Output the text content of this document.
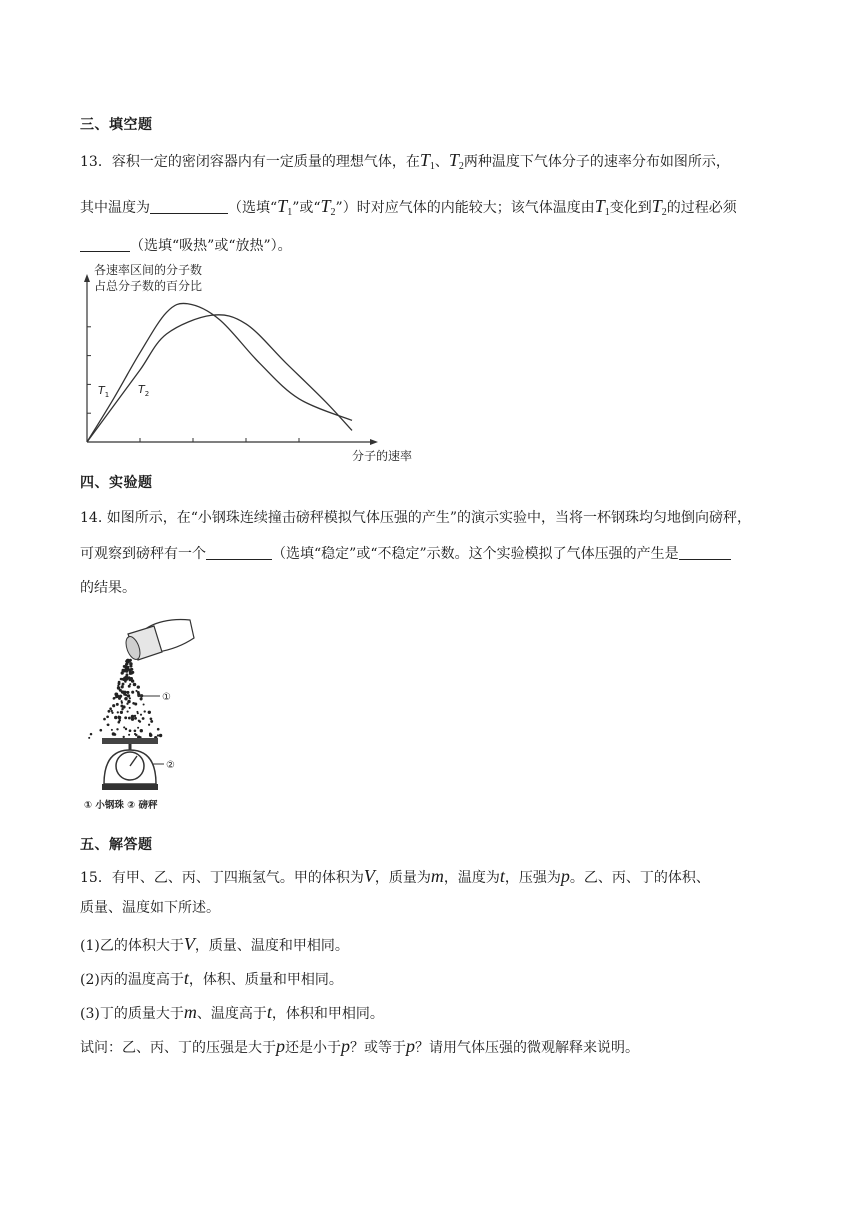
三、填空题
13．容积一定的密闭容器内有一定质量的理想气体，在$T_1$、$T_2$两种温度下气体分子的速率分布如图所示，
其中温度为	（选填“$T_1$”或“$T_2$”）时对应气体的内能较大；该气体温度由$T_1$变化到$T_2$的过程必须
（选填“吸热”或“放热”）。
各速率区间的分子数
占总分子数的百分比
$T_1$	$T_2$
分子的速率
四、实验题
14. 如图所示，在“小钢珠连续撞击磅秤模拟气体压强的产生”的演示实验中，当将一杯钢珠均匀地倒向磅秤，
可观察到磅秤有一个	（选填“稳定”或“不稳定”示数。这个实验模拟了气体压强的产生是
的结果。
①
②
① 小钢珠 ② 磅秤
五、解答题
15．有甲、乙、丙、丁四瓶氢气。甲的体积为V，质量为m，温度为t，压强为p。乙、丙、丁的体积、
质量、温度如下所述。
(1)乙的体积大于V，质量、温度和甲相同。
(2)丙的温度高于t，体积、质量和甲相同。
(3)丁的质量大于m、温度高于t，体积和甲相同。
试问：乙、丙、丁的压强是大于p还是小于p？或等于p？请用气体压强的微观解释来说明。
